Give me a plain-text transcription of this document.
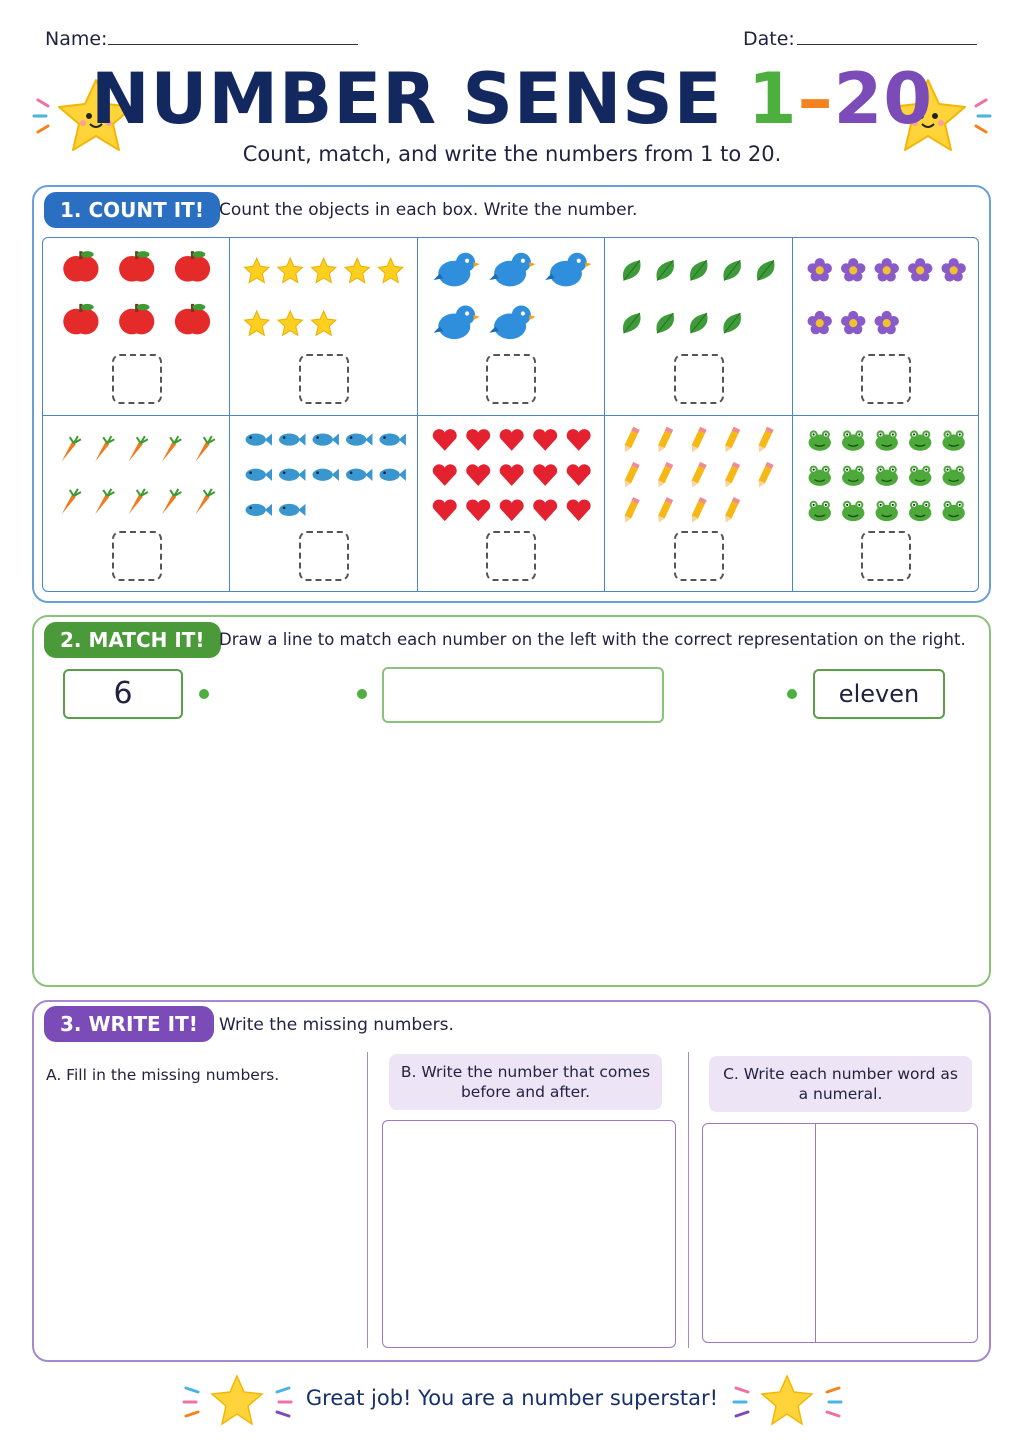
Name:	Date:
NUMBER SENSE 1–20
Count, match, and write the numbers from 1 to 20.
1. COUNT IT! Count the objects in each box. Write the number.
2. MATCH IT! Draw a line to match each number on the left with the correct representation on the right.
6	eleven
3. WRITE IT!	Write the missing numbers.
A. Fill in the missing numbers.	B. Write the number that comes before and after.
C. Write each number word as a numeral.
Great job! You are a number superstar!
